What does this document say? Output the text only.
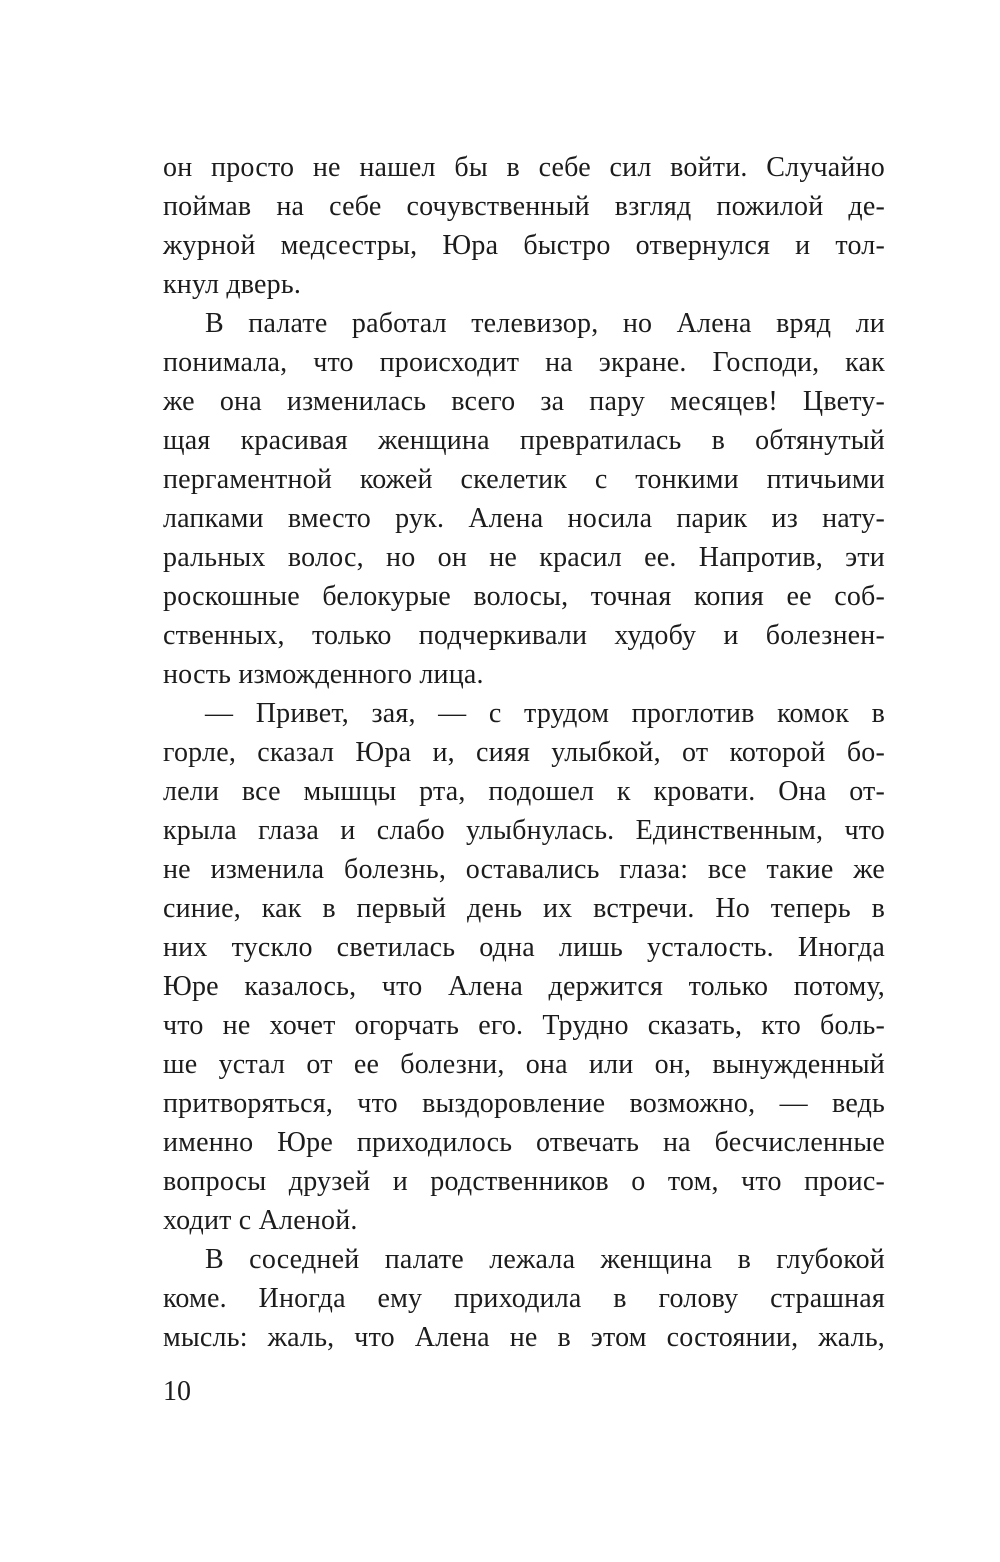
он просто не нашел бы в себе сил войти. Случайно
поймав на себе сочувственный взгляд пожилой де-
журной медсестры, Юра быстро отвернулся и тол-
кнул дверь.
В палате работал телевизор, но Алена вряд ли
понимала, что происходит на экране. Господи, как
же она изменилась всего за пару месяцев! Цвету-
щая красивая женщина превратилась в обтянутый
пергаментной кожей скелетик с тонкими птичьими
лапками вместо рук. Алена носила парик из нату-
ральных волос, но он не красил ее. Напротив, эти
роскошные белокурые волосы, точная копия ее соб-
ственных, только подчеркивали худобу и болезнен-
ность изможденного лица.
— Привет, зая, — с трудом проглотив комок в
горле, сказал Юра и, сияя улыбкой, от которой бо-
лели все мышцы рта, подошел к кровати. Она от-
крыла глаза и слабо улыбнулась. Единственным, что
не изменила болезнь, оставались глаза: все такие же
синие, как в первый день их встречи. Но теперь в
них тускло светилась одна лишь усталость. Иногда
Юре казалось, что Алена держится только потому,
что не хочет огорчать его. Трудно сказать, кто боль-
ше устал от ее болезни, она или он, вынужденный
притворяться, что выздоровление возможно, — ведь
именно Юре приходилось отвечать на бесчисленные
вопросы друзей и родственников о том, что проис-
ходит с Аленой.
В соседней палате лежала женщина в глубокой
коме. Иногда ему приходила в голову страшная
мысль: жаль, что Алена не в этом состоянии, жаль,
10
